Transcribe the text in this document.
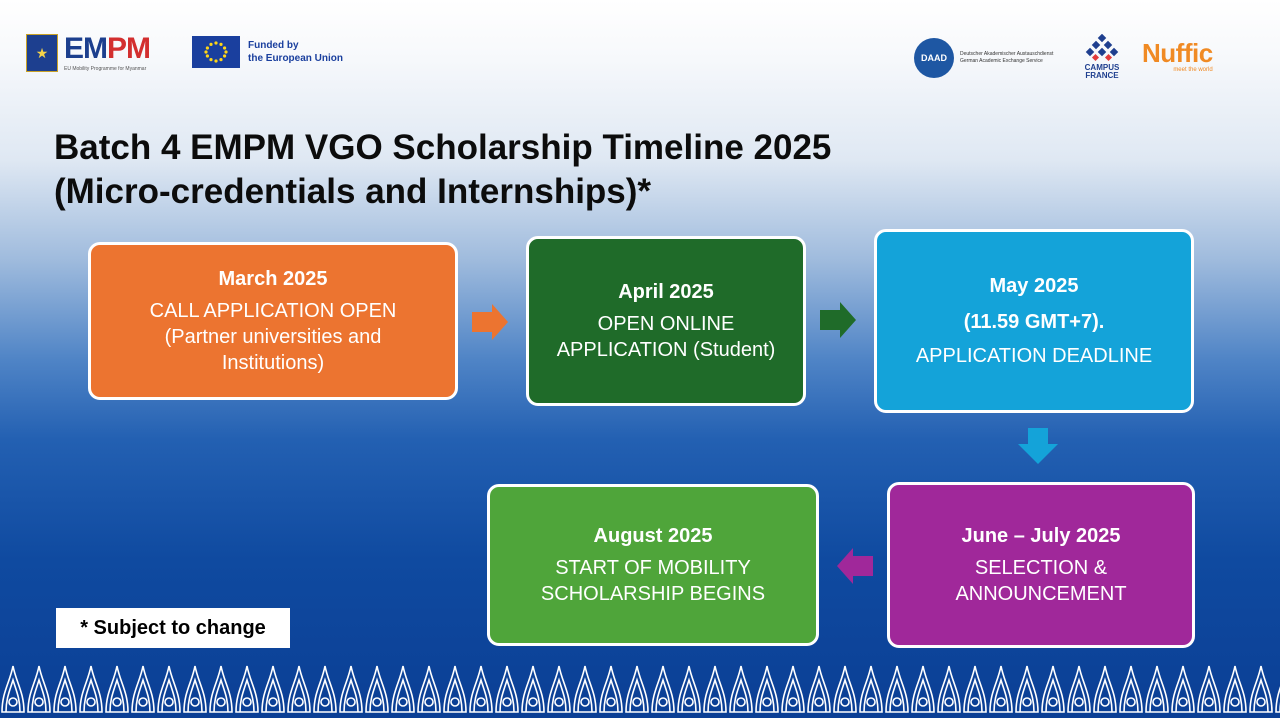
★ EMPM
EU Mobility Programme for Myanmar
Funded by
the European Union	DAAD	Deutscher Akademischer Austauschdienst
German Academic Exchange Service
CAMPUS
FRANCE
Nuffic
meet the world
Batch 4 EMPM VGO Scholarship Timeline 2025
(Micro-credentials and Internships)*
March 2025
CALL APPLICATION OPEN
(Partner universities and
Institutions)
April 2025
OPEN ONLINE
APPLICATION (Student)
May 2025
(11.59 GMT+7).
APPLICATION DEADLINE
June – July 2025
SELECTION &
ANNOUNCEMENT
August 2025
START OF MOBILITY
SCHOLARSHIP BEGINS
* Subject to change
